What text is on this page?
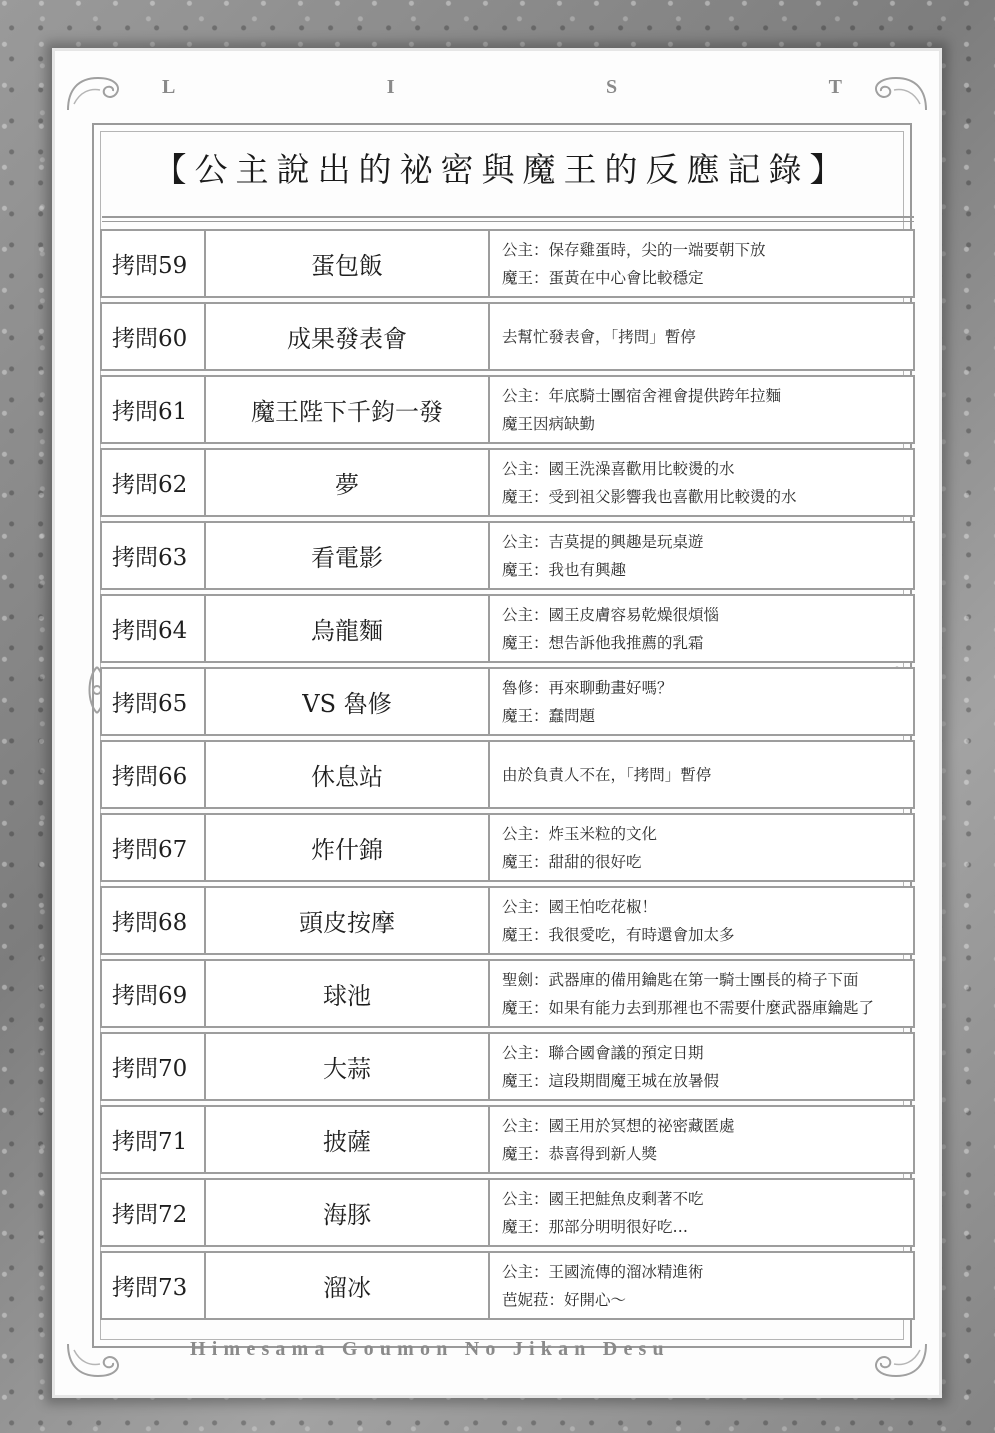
L	I	S	T
【公主說出的祕密與魔王的反應記錄】
拷問59	蛋包飯
公主：保存雞蛋時，尖的一端要朝下放
魔王：蛋黃在中心會比較穩定
拷問60	成果發表會	去幫忙發表會，「拷問」暫停
拷問61	魔王陛下千鈞一發
公主：年底騎士團宿舍裡會提供跨年拉麵
魔王因病缺勤
拷問62	夢
公主：國王洗澡喜歡用比較燙的水
魔王：受到祖父影響我也喜歡用比較燙的水
拷問63	看電影
公主：吉莫提的興趣是玩桌遊
魔王：我也有興趣
拷問64	烏龍麵
公主：國王皮膚容易乾燥很煩惱
魔王：想告訴他我推薦的乳霜
拷問65	VS 魯修
魯修：再來聊動畫好嗎？
魔王：蠢問題
拷問66	休息站	由於負責人不在，「拷問」暫停
拷問67	炸什錦
公主：炸玉米粒的文化
魔王：甜甜的很好吃
拷問68	頭皮按摩
公主：國王怕吃花椒！
魔王：我很愛吃，有時還會加太多
拷問69	球池
聖劍：武器庫的備用鑰匙在第一騎士團長的椅子下面
魔王：如果有能力去到那裡也不需要什麼武器庫鑰匙了
拷問70	大蒜
公主：聯合國會議的預定日期
魔王：這段期間魔王城在放暑假
拷問71	披薩
公主：國王用於冥想的祕密藏匿處
魔王：恭喜得到新人獎
拷問72	海豚
公主：國王把鮭魚皮剩著不吃
魔王：那部分明明很好吃…
拷問73	溜冰
公主：王國流傳的溜冰精進術
芭妮菈：好開心～
Himesama Goumon No Jikan Desu
